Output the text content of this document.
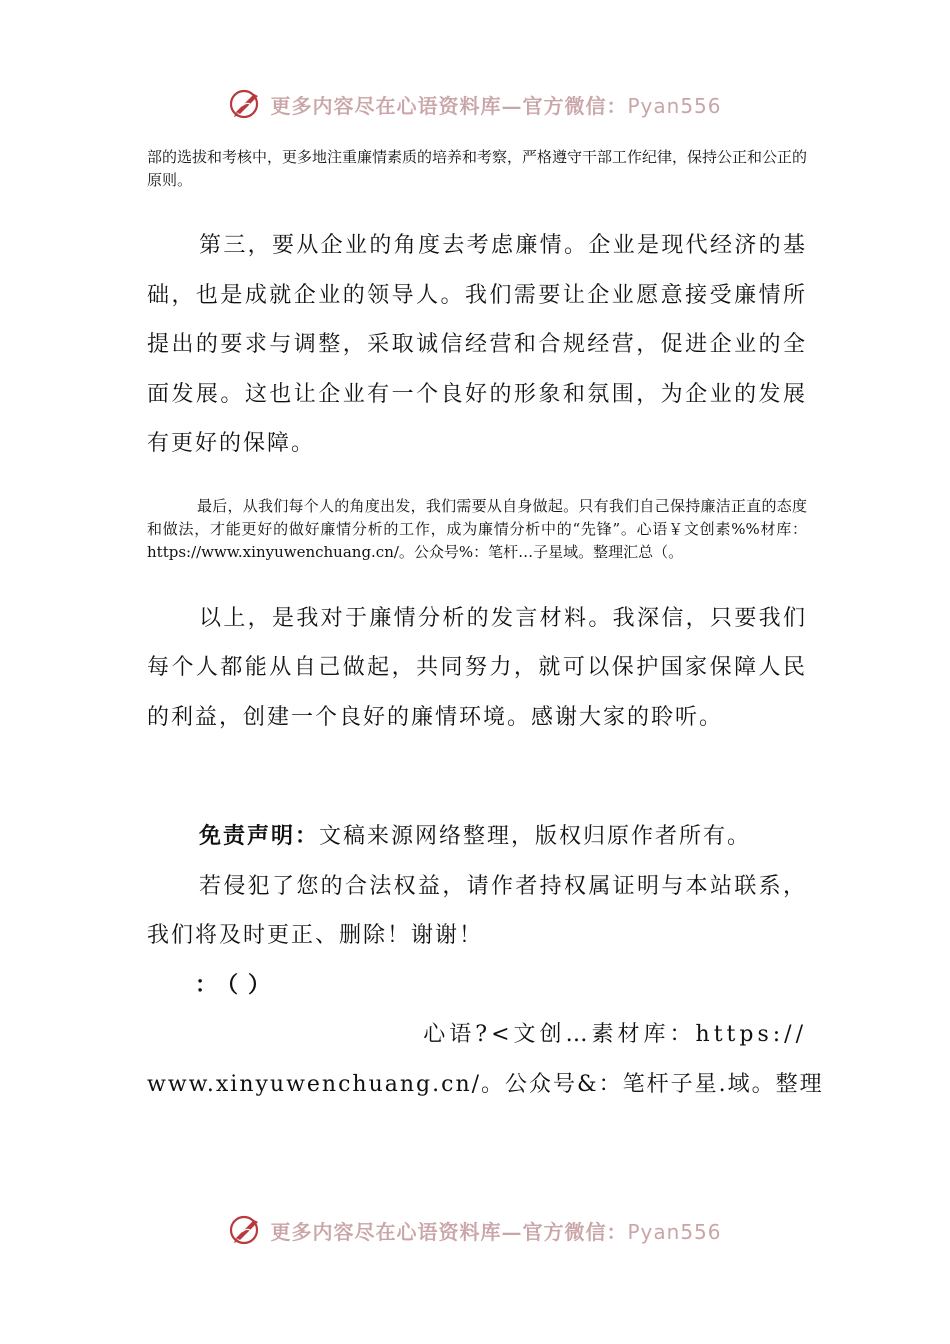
更多内容尽在心语资料库—官方微信：Pyan556

部的选拔和考核中，更多地注重廉情素质的培养和考察，严格遵守干部工作纪律，保持公正和公正的原则。

第三，要从企业的角度去考虑廉情。企业是现代经济的基础，也是成就企业的领导人。我们需要让企业愿意接受廉情所提出的要求与调整，采取诚信经营和合规经营，促进企业的全面发展。这也让企业有一个良好的形象和氛围，为企业的发展有更好的保障。

最后，从我们每个人的角度出发，我们需要从自身做起。只有我们自己保持廉洁正直的态度和做法，才能更好的做好廉情分析的工作，成为廉情分析中的“先锋”。心语￥文创素%%材库：https://www.xinyuwenchuang.cn/。公众号%：笔杆…子星域。整理汇总（。

以上，是我对于廉情分析的发言材料。我深信，只要我们每个人都能从自己做起，共同努力，就可以保护国家保障人民的利益，创建一个良好的廉情环境。感谢大家的聆听。

免责声明：文稿来源网络整理，版权归原作者所有。

若侵犯了您的合法权益，请作者持权属证明与本站联系，我们将及时更正、删除！谢谢！

：（）

心语?<文创…素材库：https://

www.xinyuwenchuang.cn/。公众号&：笔杆子星.域。整理

更多内容尽在心语资料库—官方微信：Pyan556
